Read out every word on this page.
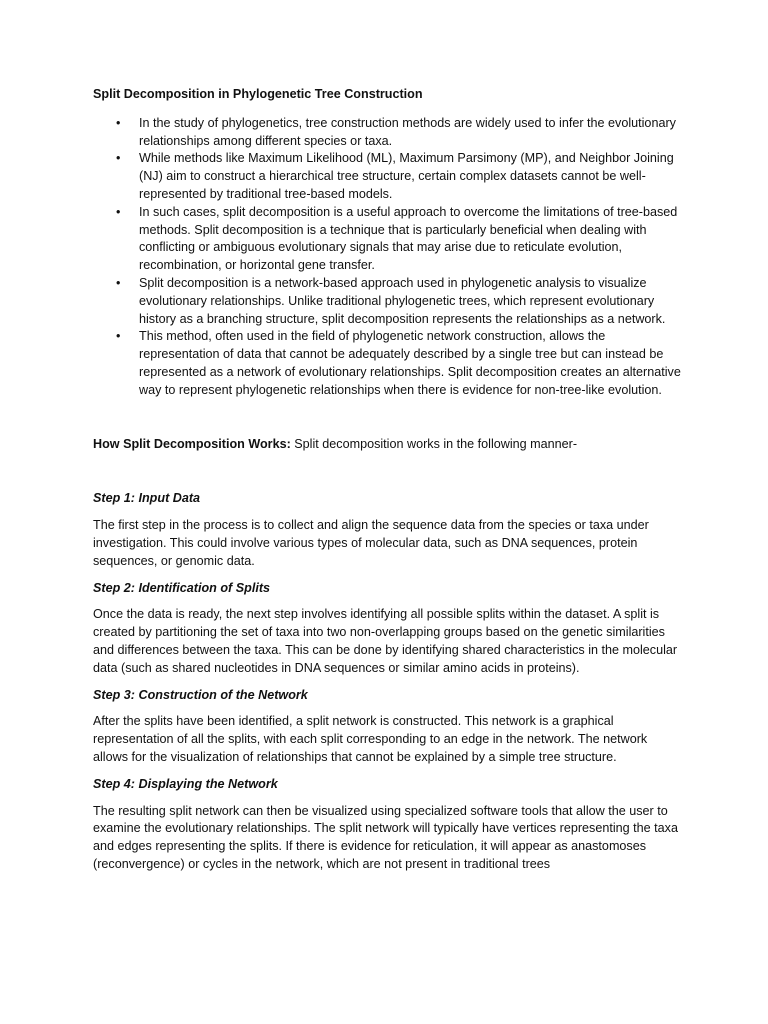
Split Decomposition in Phylogenetic Tree Construction

• In the study of phylogenetics, tree construction methods are widely used to infer the evolutionary relationships among different species or taxa.
• While methods like Maximum Likelihood (ML), Maximum Parsimony (MP), and Neighbor Joining (NJ) aim to construct a hierarchical tree structure, certain complex datasets cannot be well-represented by traditional tree-based models.
• In such cases, split decomposition is a useful approach to overcome the limitations of tree-based methods. Split decomposition is a technique that is particularly beneficial when dealing with conflicting or ambiguous evolutionary signals that may arise due to reticulate evolution, recombination, or horizontal gene transfer.
• Split decomposition is a network-based approach used in phylogenetic analysis to visualize evolutionary relationships. Unlike traditional phylogenetic trees, which represent evolutionary history as a branching structure, split decomposition represents the relationships as a network.
• This method, often used in the field of phylogenetic network construction, allows the representation of data that cannot be adequately described by a single tree but can instead be represented as a network of evolutionary relationships. Split decomposition creates an alternative way to represent phylogenetic relationships when there is evidence for non-tree-like evolution.

How Split Decomposition Works: Split decomposition works in the following manner-

Step 1: Input Data

The first step in the process is to collect and align the sequence data from the species or taxa under investigation. This could involve various types of molecular data, such as DNA sequences, protein sequences, or genomic data.

Step 2: Identification of Splits

Once the data is ready, the next step involves identifying all possible splits within the dataset. A split is created by partitioning the set of taxa into two non-overlapping groups based on the genetic similarities and differences between the taxa. This can be done by identifying shared characteristics in the molecular data (such as shared nucleotides in DNA sequences or similar amino acids in proteins).

Step 3: Construction of the Network

After the splits have been identified, a split network is constructed. This network is a graphical representation of all the splits, with each split corresponding to an edge in the network. The network allows for the visualization of relationships that cannot be explained by a simple tree structure.

Step 4: Displaying the Network

The resulting split network can then be visualized using specialized software tools that allow the user to examine the evolutionary relationships. The split network will typically have vertices representing the taxa and edges representing the splits. If there is evidence for reticulation, it will appear as anastomoses (reconvergence) or cycles in the network, which are not present in traditional trees
